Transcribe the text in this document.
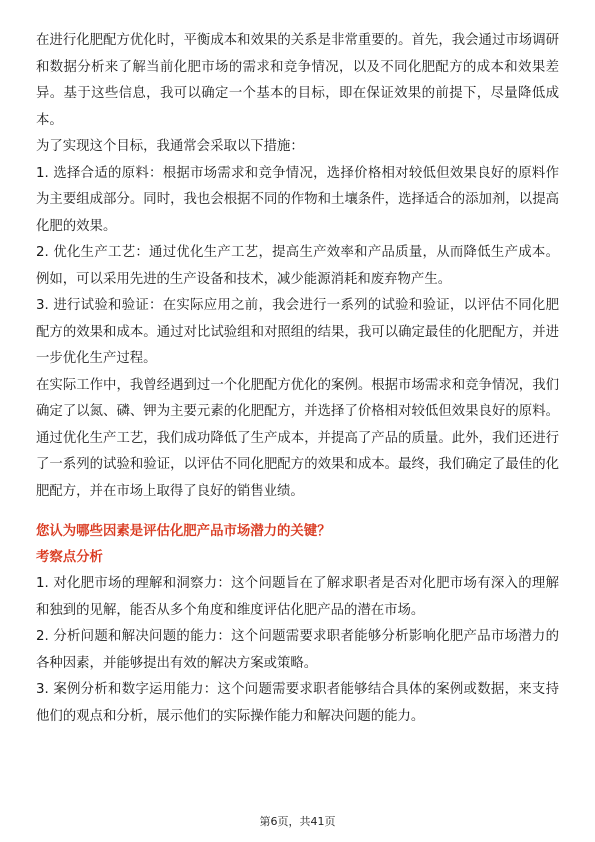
在进行化肥配方优化时，平衡成本和效果的关系是非常重要的。首先，我会通过市场调研和数据分析来了解当前化肥市场的需求和竞争情况，以及不同化肥配方的成本和效果差异。基于这些信息，我可以确定一个基本的目标，即在保证效果的前提下，尽量降低成本。

为了实现这个目标，我通常会采取以下措施：

1. 选择合适的原料：根据市场需求和竞争情况，选择价格相对较低但效果良好的原料作为主要组成部分。同时，我也会根据不同的作物和土壤条件，选择适合的添加剂，以提高化肥的效果。

2. 优化生产工艺：通过优化生产工艺，提高生产效率和产品质量，从而降低生产成本。例如，可以采用先进的生产设备和技术，减少能源消耗和废弃物产生。

3. 进行试验和验证：在实际应用之前，我会进行一系列的试验和验证，以评估不同化肥配方的效果和成本。通过对比试验组和对照组的结果，我可以确定最佳的化肥配方，并进一步优化生产过程。

在实际工作中，我曾经遇到过一个化肥配方优化的案例。根据市场需求和竞争情况，我们确定了以氮、磷、钾为主要元素的化肥配方，并选择了价格相对较低但效果良好的原料。通过优化生产工艺，我们成功降低了生产成本，并提高了产品的质量。此外，我们还进行了一系列的试验和验证，以评估不同化肥配方的效果和成本。最终，我们确定了最佳的化肥配方，并在市场上取得了良好的销售业绩。

您认为哪些因素是评估化肥产品市场潜力的关键？

考察点分析

1. 对化肥市场的理解和洞察力：这个问题旨在了解求职者是否对化肥市场有深入的理解和独到的见解，能否从多个角度和维度评估化肥产品的潜在市场。

2. 分析问题和解决问题的能力：这个问题需要求职者能够分析影响化肥产品市场潜力的各种因素，并能够提出有效的解决方案或策略。

3. 案例分析和数字运用能力：这个问题需要求职者能够结合具体的案例或数据，来支持他们的观点和分析，展示他们的实际操作能力和解决问题的能力。

第6页，共41页
